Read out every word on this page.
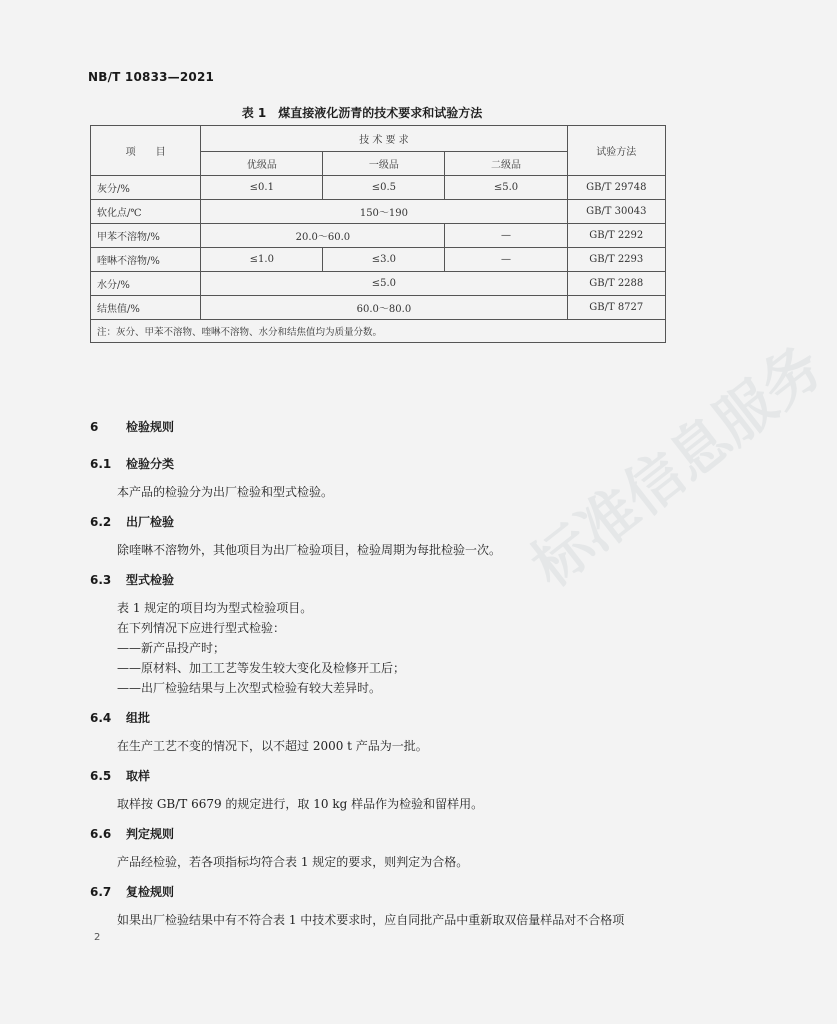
NB/T 10833—2021
表 1　煤直接液化沥青的技术要求和试验方法
项　　目	技 术 要 求			试验方法
	优级品	一级品	二级品	
灰分/%	≤0.1	≤0.5	≤5.0	GB/T 29748
软化点/℃	150～190			GB/T 30043
甲苯不溶物/%	20.0～60.0		—	GB/T 2292
喹啉不溶物/%	≤1.0	≤3.0	—	GB/T 2293
水分/%	≤5.0			GB/T 2288
结焦值/%	60.0～80.0			GB/T 8727
注：灰分、甲苯不溶物、喹啉不溶物、水分和结焦值均为质量分数。				
6 检验规则
6.1 检验分类
本产品的检验分为出厂检验和型式检验。
6.2 出厂检验
除喹啉不溶物外，其他项目为出厂检验项目，检验周期为每批检验一次。
6.3 型式检验
表 1 规定的项目均为型式检验项目。
在下列情况下应进行型式检验：
——新产品投产时；
——原材料、加工工艺等发生较大变化及检修开工后；
——出厂检验结果与上次型式检验有较大差异时。
6.4 组批
在生产工艺不变的情况下，以不超过 2000 t 产品为一批。
6.5 取样
取样按 GB/T 6679 的规定进行，取 10 kg 样品作为检验和留样用。
6.6 判定规则
产品经检验，若各项指标均符合表 1 规定的要求，则判定为合格。
6.7 复检规则
如果出厂检验结果中有不符合表 1 中技术要求时，应自同批产品中重新取双倍量样品对不合格项
2
标准信息服务
